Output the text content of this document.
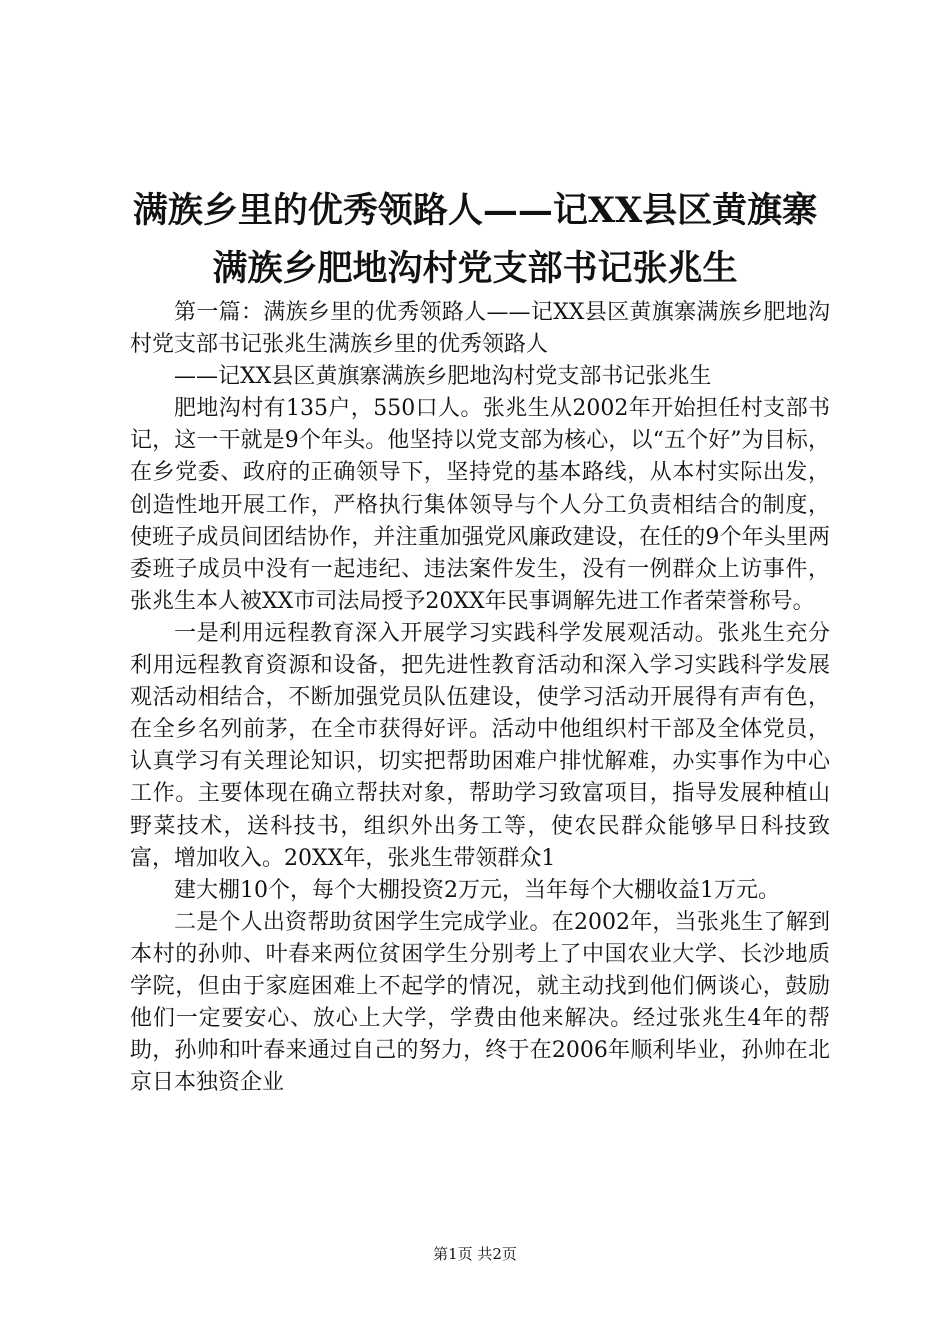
满族乡里的优秀领路人——记XX县区黄旗寨
满族乡肥地沟村党支部书记张兆生

第一篇：满族乡里的优秀领路人——记XX县区黄旗寨满族乡肥地沟村党支部书记张兆生满族乡里的优秀领路人

——记XX县区黄旗寨满族乡肥地沟村党支部书记张兆生

肥地沟村有135户，550口人。张兆生从2002年开始担任村支部书记，这一干就是9个年头。他坚持以党支部为核心，以“五个好”为目标，在乡党委、政府的正确领导下，坚持党的基本路线，从本村实际出发，创造性地开展工作，严格执行集体领导与个人分工负责相结合的制度，使班子成员间团结协作，并注重加强党风廉政建设，在任的9个年头里两委班子成员中没有一起违纪、违法案件发生，没有一例群众上访事件，张兆生本人被XX市司法局授予20XX年民事调解先进工作者荣誉称号。

一是利用远程教育深入开展学习实践科学发展观活动。张兆生充分利用远程教育资源和设备，把先进性教育活动和深入学习实践科学发展观活动相结合，不断加强党员队伍建设，使学习活动开展得有声有色，在全乡名列前茅，在全市获得好评。活动中他组织村干部及全体党员，认真学习有关理论知识，切实把帮助困难户排忧解难，办实事作为中心工作。主要体现在确立帮扶对象，帮助学习致富项目，指导发展种植山野菜技术，送科技书，组织外出务工等，使农民群众能够早日科技致富，增加收入。20XX年，张兆生带领群众1

建大棚10个，每个大棚投资2万元，当年每个大棚收益1万元。

二是个人出资帮助贫困学生完成学业。在2002年，当张兆生了解到本村的孙帅、叶春来两位贫困学生分别考上了中国农业大学、长沙地质学院，但由于家庭困难上不起学的情况，就主动找到他们俩谈心，鼓励他们一定要安心、放心上大学，学费由他来解决。经过张兆生4年的帮助，孙帅和叶春来通过自己的努力，终于在2006年顺利毕业，孙帅在北京日本独资企业

第1页 共2页
